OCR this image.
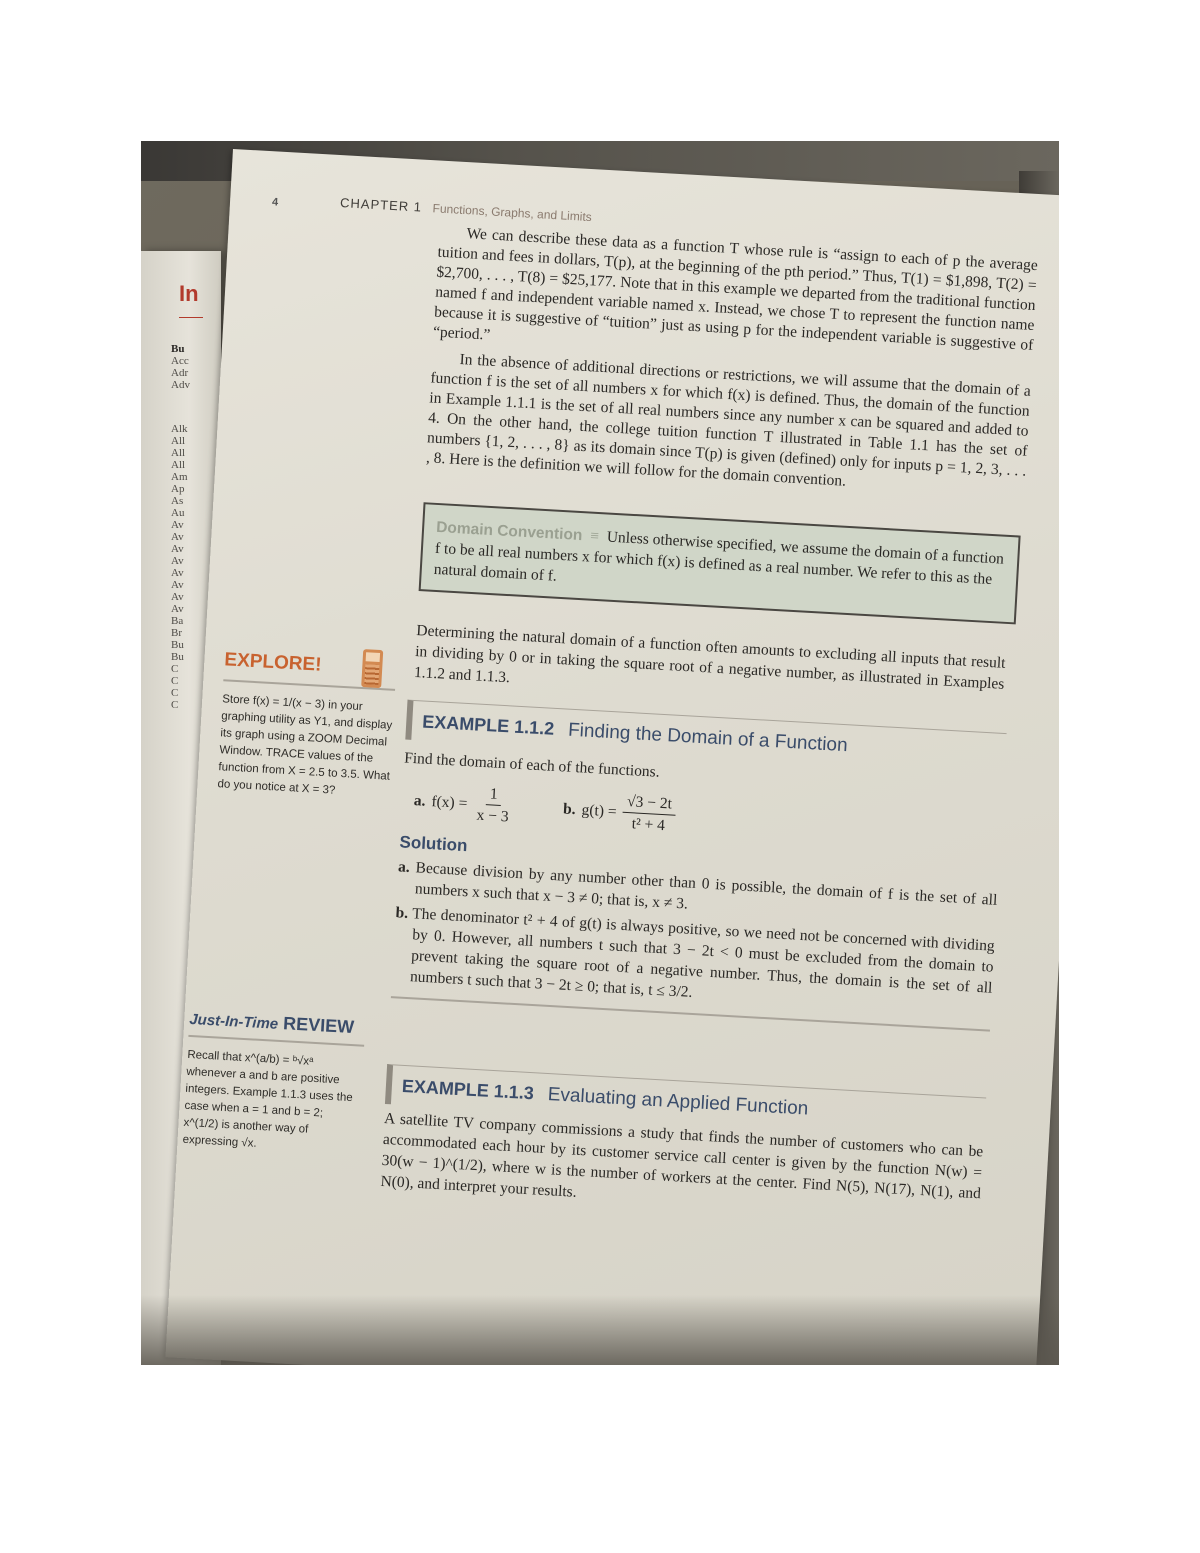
In
Bu
Acc
Adr
Adv
Alk
All
All
All
Am
Ap
As
Au
Av
Av
Av
Av
Av
Av
Av
Av
Ba
Br
Bu
Bu
C
C
C
C
4	CHAPTER 1 Functions, Graphs, and Limits

We can describe these data as a function T whose rule is “assign to each of p the average tuition and fees in dollars, T(p), at the beginning of the pth period.” Thus, T(1) = $1,898, T(2) = $2,700, . . . , T(8) = $25,177. Note that in this example we departed from the traditional function named f and independent variable named x. Instead, we chose T to represent the function name because it is suggestive of “tuition” just as using p for the independent variable is suggestive of “period.”

In the absence of additional directions or restrictions, we will assume that the domain of a function f is the set of all numbers x for which f(x) is defined. Thus, the domain of the function in Example 1.1.1 is the set of all real numbers since any number x can be squared and added to 4. On the other hand, the college tuition function T illustrated in Table 1.1 has the set of numbers {1, 2, . . . , 8} as its domain since T(p) is given (defined) only for inputs p = 1, 2, 3, . . . , 8. Here is the definition we will follow for the domain convention.

Domain Convention ≡ Unless otherwise specified, we assume the domain of a function f to be all real numbers x for which f(x) is defined as a real number. We refer to this as the natural domain of f.
Determining the natural domain of a function often amounts to excluding all inputs that result in dividing by 0 or in taking the square root of a negative number, as illustrated in Examples 1.1.2 and 1.1.3.
EXPLORE!
Store f(x) = 1/(x − 3) in your graphing utility as Y1, and display its graph using a ZOOM Decimal Window. TRACE values of the function from X = 2.5 to 3.5. What do you notice at X = 3?
Just-In-Time REVIEW
Recall that x^(a/b) = ᵇ√xᵃ whenever a and b are positive integers. Example 1.1.3 uses the case when a = 1 and b = 2; x^(1/2) is another way of expressing √x.
EXAMPLE 1.1.2 Finding the Domain of a Function

Find the domain of each of the functions.

a. $f(x) = \frac{1}{x - 3}$	b. $g(t) = \frac{√3 - 2t}{\text{t² + 4}}$
Solution
a. Because division by any number other than 0 is possible, the domain of f is the set of all numbers x such that x − 3 ≠ 0; that is, x ≠ 3.
b. The denominator t² + 4 of g(t) is always positive, so we need not be concerned with dividing by 0. However, all numbers t such that 3 − 2t < 0 must be excluded from the domain to prevent taking the square root of a negative number. Thus, the domain is the set of all numbers t such that 3 − 2t ≥ 0; that is, t ≤ 3/2.
EXAMPLE 1.1.3 Evaluating an Applied Function
A satellite TV company commissions a study that finds the number of customers who can be accommodated each hour by its customer service call center is given by the function N(w) = 30(w − 1)^(1/2), where w is the number of workers at the center. Find N(5), N(17), N(1), and N(0), and interpret your results.
